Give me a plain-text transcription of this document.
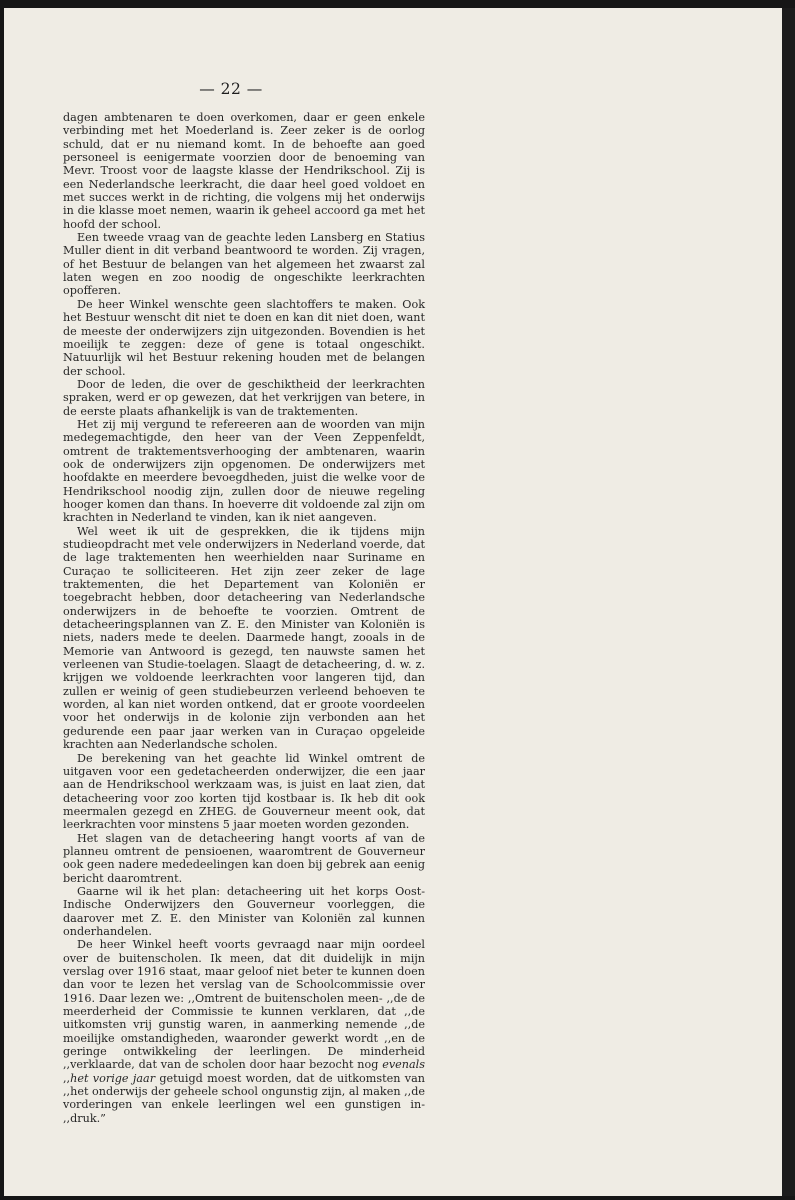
— 22 —

dagen ambtenaren te doen overkomen, daar er geen enkele verbinding met het Moederland is. Zeer zeker is de oorlog schuld, dat er nu niemand komt. In de behoefte aan goed personeel is eenigermate voorzien door de benoeming van Mevr. Troost voor de laagste klasse der Hendrikschool. Zij is een Nederlandsche leerkracht, die daar heel goed voldoet en met succes werkt in de richting, die volgens mij het onderwijs in die klasse moet nemen, waarin ik geheel accoord ga met het hoofd der school.

Een tweede vraag van de geachte leden Lansberg en Statius Muller dient in dit verband beantwoord te worden. Zij vragen, of het Bestuur de belangen van het algemeen het zwaarst zal laten wegen en zoo noodig de ongeschikte leerkrachten opofferen.

De heer Winkel wenschte geen slachtoffers te maken. Ook het Bestuur wenscht dit niet te doen en kan dit niet doen, want de meeste der onderwijzers zijn uitgezonden. Bovendien is het moeilijk te zeggen: deze of gene is totaal ongeschikt. Natuurlijk wil het Bestuur rekening houden met de belangen der school.

Door de leden, die over de geschiktheid der leerkrachten spraken, werd er op gewezen, dat het verkrijgen van betere, in de eerste plaats afhankelijk is van de traktementen.

Het zij mij vergund te refereeren aan de woorden van mijn medegemachtigde, den heer van der Veen Zeppenfeldt, omtrent de traktementsverhooging der ambtenaren, waarin ook de onderwijzers zijn opgenomen. De onderwijzers met hoofdakte en meerdere bevoegdheden, juist die welke voor de Hendrikschool noodig zijn, zullen door de nieuwe regeling hooger komen dan thans. In hoeverre dit voldoende zal zijn om krachten in Nederland te vinden, kan ik niet aangeven.

Wel weet ik uit de gesprekken, die ik tijdens mijn studieopdracht met vele onderwijzers in Nederland voerde, dat de lage traktementen hen weerhielden naar Suriname en Curaçao te solliciteeren. Het zijn zeer zeker de lage traktementen, die het Departement van Koloniën er toegebracht hebben, door detacheering van Nederlandsche onderwijzers in de behoefte te voorzien. Omtrent de detacheeringsplannen van Z. E. den Minister van Koloniën is niets, naders mede te deelen. Daarmede hangt, zooals in de Memorie van Antwoord is gezegd, ten nauwste samen het verleenen van Studie-toelagen. Slaagt de detacheering, d. w. z. krijgen we voldoende leerkrachten voor langeren tijd, dan zullen er weinig of geen studiebeurzen verleend behoeven te worden, al kan niet worden ontkend, dat er groote voordeelen voor het onderwijs in de kolonie zijn verbonden aan het gedurende een paar jaar werken van in Curaçao opgeleide krachten aan Nederlandsche scholen.

De berekening van het geachte lid Winkel omtrent de uitgaven voor een gedetacheerden onderwijzer, die een jaar aan de Hendrikschool werkzaam was, is juist en laat zien, dat detacheering voor zoo korten tijd kostbaar is. Ik heb dit ook meermalen gezegd en ZHEG. de Gouverneur meent ook, dat leerkrachten voor minstens 5 jaar moeten worden gezonden.

Het slagen van de detacheering hangt voorts af van de planneu omtrent de pensioenen, waaromtrent de Gouverneur ook geen nadere mededeelingen kan doen bij gebrek aan eenig bericht daaromtrent.

Gaarne wil ik het plan: detacheering uit het korps Oost-Indische Onderwijzers den Gouverneur voorleggen, die daarover met Z. E. den Minister van Koloniën zal kunnen onderhandelen.

De heer Winkel heeft voorts gevraagd naar mijn oordeel over de buitenscholen. Ik meen, dat dit duidelijk in mijn verslag over 1916 staat, maar geloof niet beter te kunnen doen dan voor te lezen het verslag van de Schoolcommissie over 1916. Daar lezen we: ,,Omtrent de buitenscholen meen- ,,de de meerderheid der Commissie te kunnen verklaren, dat ,,de uitkomsten vrij gunstig waren, in aanmerking nemende ,,de moeilijke omstandigheden, waaronder gewerkt wordt ,,en de geringe ontwikkeling der leerlingen. De minderheid ,,verklaarde, dat van de scholen door haar bezocht nog evenals ,,het vorige jaar getuigd moest worden, dat de uitkomsten van ,,het onderwijs der geheele school ongunstig zijn, al maken ,,de vorderingen van enkele leerlingen wel een gunstigen in- ,,druk.”
